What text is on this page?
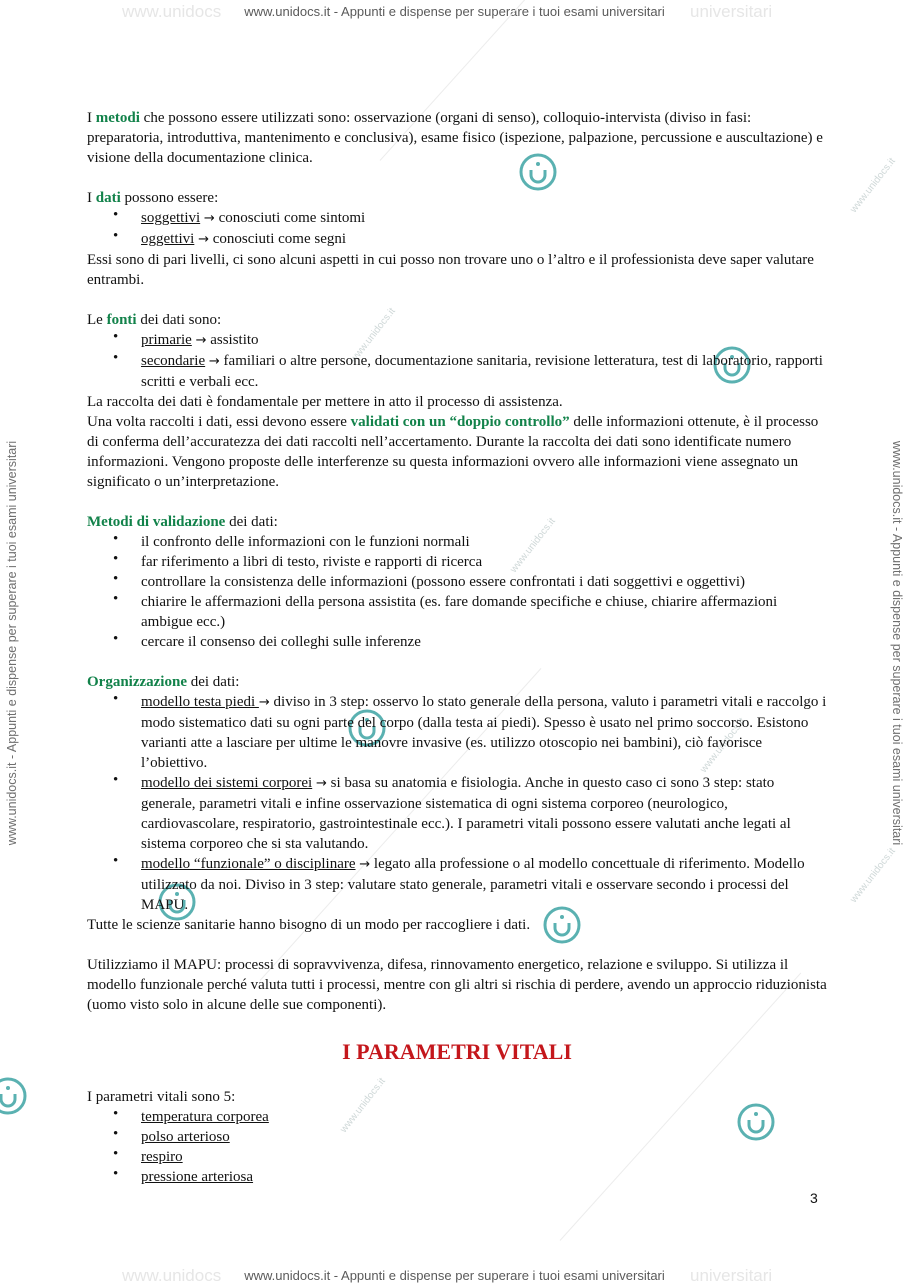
www.unidocs	universitari
www.unidocs	universitari
www.unidocs.it - Appunti e dispense per superare i tuoi esami universitari
www.unidocs.it - Appunti e dispense per superare i tuoi esami universitari
www.unidocs.it - Appunti e dispense per superare i tuoi esami universitari	www.unidocs.it - Appunti e dispense per superare i tuoi esami universitari
www.unidocs.it
www.unidocs.it
www.unidocs.it
www.unidocs.it
www.unidocs.it
www.unidocs.it

I metodi che possono essere utilizzati sono: osservazione (organi di senso), colloquio-intervista (diviso in fasi: preparatoria, introduttiva, mantenimento e conclusiva), esame fisico (ispezione, palpazione, percussione e auscultazione) e visione della documentazione clinica.

I dati possono essere:

• soggettivi → conosciuti come sintomi
• oggettivi → conosciuti come segni

Essi sono di pari livelli, ci sono alcuni aspetti in cui posso non trovare uno o l’altro e il professionista deve saper valutare entrambi.

Le fonti dei dati sono:

• primarie → assistito
• secondarie → familiari o altre persone, documentazione sanitaria, revisione letteratura, test di laboratorio, rapporti scritti e verbali ecc.

La raccolta dei dati è fondamentale per mettere in atto il processo di assistenza.

Una volta raccolti i dati, essi devono essere validati con un “doppio controllo” delle informazioni ottenute, è il processo di conferma dell’accuratezza dei dati raccolti nell’accertamento. Durante la raccolta dei dati sono identificate numero informazioni. Vengono proposte delle interferenze su questa informazioni ovvero alle informazioni viene assegnato un significato o un’interpretazione.

Metodi di validazione dei dati:

• il confronto delle informazioni con le funzioni normali
• far riferimento a libri di testo, riviste e rapporti di ricerca
• controllare la consistenza delle informazioni (possono essere confrontati i dati soggettivi e oggettivi)
• chiarire le affermazioni della persona assistita (es. fare domande specifiche e chiuse, chiarire affermazioni ambigue ecc.)
• cercare il consenso dei colleghi sulle inferenze

Organizzazione dei dati:

• modello testa piedi → diviso in 3 step: osservo lo stato generale della persona, valuto i parametri vitali e raccolgo i modo sistematico dati su ogni parte del corpo (dalla testa ai piedi). Spesso è usato nel primo soccorso. Esistono varianti atte a lasciare per ultime le manovre invasive (es. utilizzo otoscopio nei bambini), ciò favorisce l’obiettivo.
• modello dei sistemi corporei → si basa su anatomia e fisiologia. Anche in questo caso ci sono 3 step: stato generale, parametri vitali e infine osservazione sistematica di ogni sistema corporeo (neurologico, cardiovascolare, respiratorio, gastrointestinale ecc.). I parametri vitali possono essere valutati anche legati al sistema corporeo che si sta valutando.
• modello “funzionale” o disciplinare → legato alla professione o al modello concettuale di riferimento. Modello utilizzato da noi. Diviso in 3 step: valutare stato generale, parametri vitali e osservare secondo i processi del MAPU.

Tutte le scienze sanitarie hanno bisogno di un modo per raccogliere i dati.

Utilizziamo il MAPU: processi di sopravvivenza, difesa, rinnovamento energetico, relazione e sviluppo. Si utilizza il modello funzionale perché valuta tutti i processi, mentre con gli altri si rischia di perdere, avendo un approccio riduzionista (uomo visto solo in alcune delle sue componenti).

I PARAMETRI VITALI

I parametri vitali sono 5:

• temperatura corporea
• polso arterioso
• respiro
• pressione arteriosa
3
